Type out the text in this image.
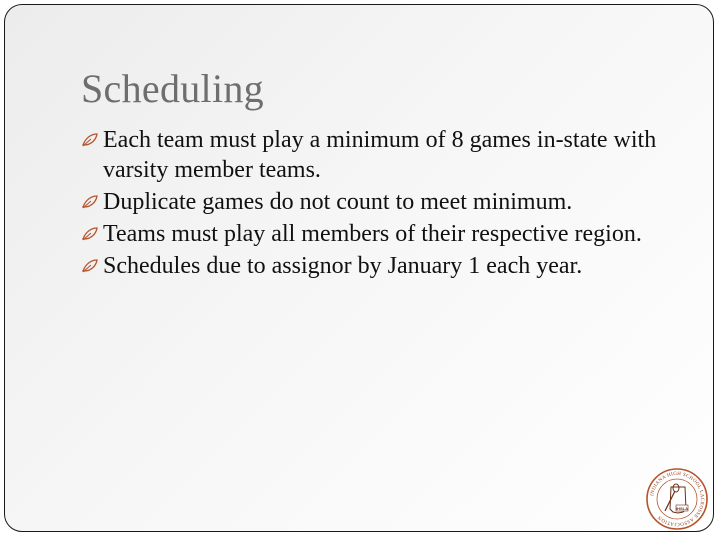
Scheduling
Each team must play a minimum of 8 games in-state with varsity member teams.
Duplicate games do not count to meet minimum.
Teams must play all members of their respective region.
Schedules due to assignor by January 1 each year.
INDIANA HIGH SCHOOL LACROSSE ASSOCIATION
IHSLA
